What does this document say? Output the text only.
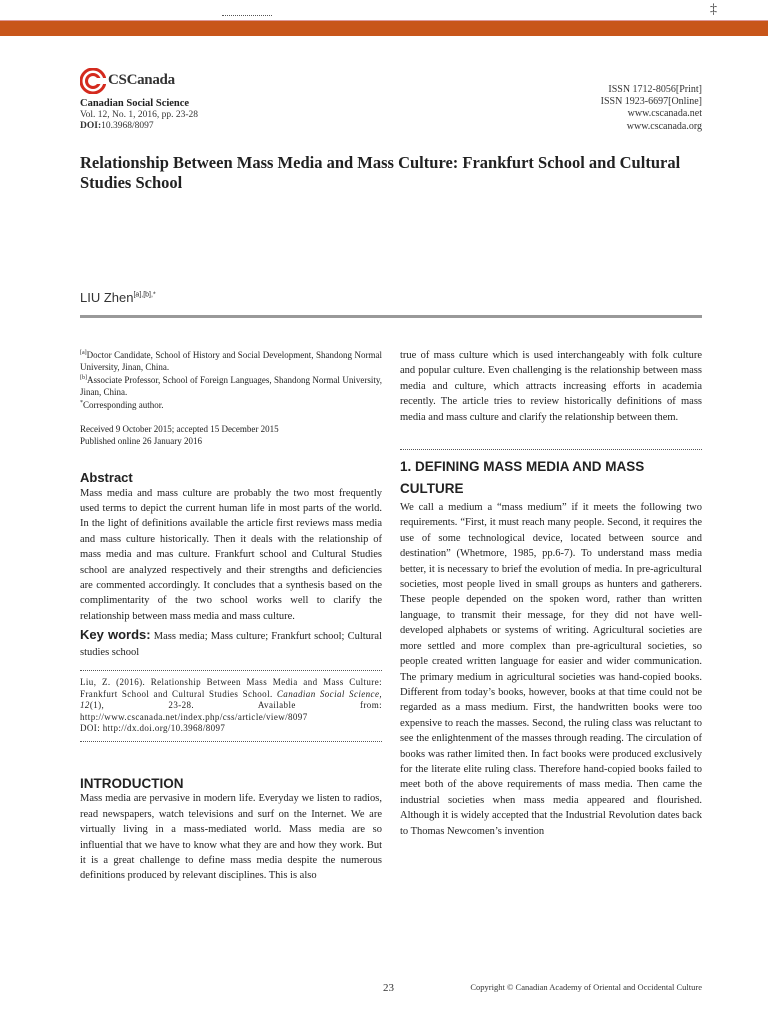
‡
CSCanada
Canadian Social Science
Vol. 12, No. 1, 2016, pp. 23-28
DOI:10.3968/8097
ISSN 1712-8056[Print]
ISSN 1923-6697[Online]
www.cscanada.net
www.cscanada.org
Relationship Between Mass Media and Mass Culture: Frankfurt School and Cultural Studies School
LIU Zhen$^{[a],[b],*}$

[a]Doctor Candidate, School of History and Social Development, Shandong Normal University, Jinan, China.

[b]Associate Professor, School of Foreign Languages, Shandong Normal University, Jinan, China.

*Corresponding author.

Received 9 October 2015; accepted 15 December 2015
Published online 26 January 2016

Abstract

Mass media and mass culture are probably the two most frequently used terms to depict the current human life in most parts of the world. In the light of definitions available the article first reviews mass media and mass culture historically. Then it deals with the relationship of mass media and mas culture. Frankfurt school and Cultural Studies school are analyzed respectively and their strengths and deficiencies are commented accordingly. It concludes that a synthesis based on the complimentarity of the two school works well to clarify the relationship between mass media and mass culture.

Key words: Mass media; Mass culture; Frankfurt school; Cultural studies school

Liu, Z. (2016). Relationship Between Mass Media and Mass Culture: Frankfurt School and Cultural Studies School. Canadian Social Science, 12(1), 23-28. Available from: http://www.cscanada.net/index.php/css/article/view/8097
DOI: http://dx.doi.org/10.3968/8097

INTRODUCTION

Mass media are pervasive in modern life. Everyday we listen to radios, read newspapers, watch televisions and surf on the Internet. We are virtually living in a mass-mediated world. Mass media are so influential that we have to know what they are and how they work. But it is a great challenge to define mass media despite the numerous definitions produced by relevant disciplines. This is also

true of mass culture which is used interchangeably with folk culture and popular culture. Even challenging is the relationship between mass media and culture, which attracts increasing efforts in academia recently. The article tries to review historically definitions of mass media and mass culture and clarify the relationship between them.

1. DEFINING MASS MEDIA AND MASS CULTURE

We call a medium a “mass medium” if it meets the following two requirements. “First, it must reach many people. Second, it requires the use of some technological device, located between source and destination” (Whetmore, 1985, pp.6-7). To understand mass media better, it is necessary to brief the evolution of media. In pre-agricultural societies, most people lived in small groups as hunters and gatherers. These people depended on the spoken word, rather than written language, to transmit their message, for they did not have well-developed alphabets or systems of writing. Agricultural societies are more settled and more complex than pre-agricultural societies, so people created written language for easier and wider communication. The primary medium in agricultural societies was hand-copied books. Different from today’s books, however, books at that time could not be regarded as a mass medium. First, the handwritten books were too expensive to reach the masses. Second, the ruling class was reluctant to see the enlightenment of the masses through reading. The circulation of books was rather limited then. In fact books were produced exclusively for the literate elite ruling class. Therefore hand-copied books failed to meet both of the above requirements of mass media. Then came the industrial societies when mass media appeared and flourished. Although it is widely accepted that the Industrial Revolution dates back to Thomas Newcomen’s invention

23	Copyright © Canadian Academy of Oriental and Occidental Culture
